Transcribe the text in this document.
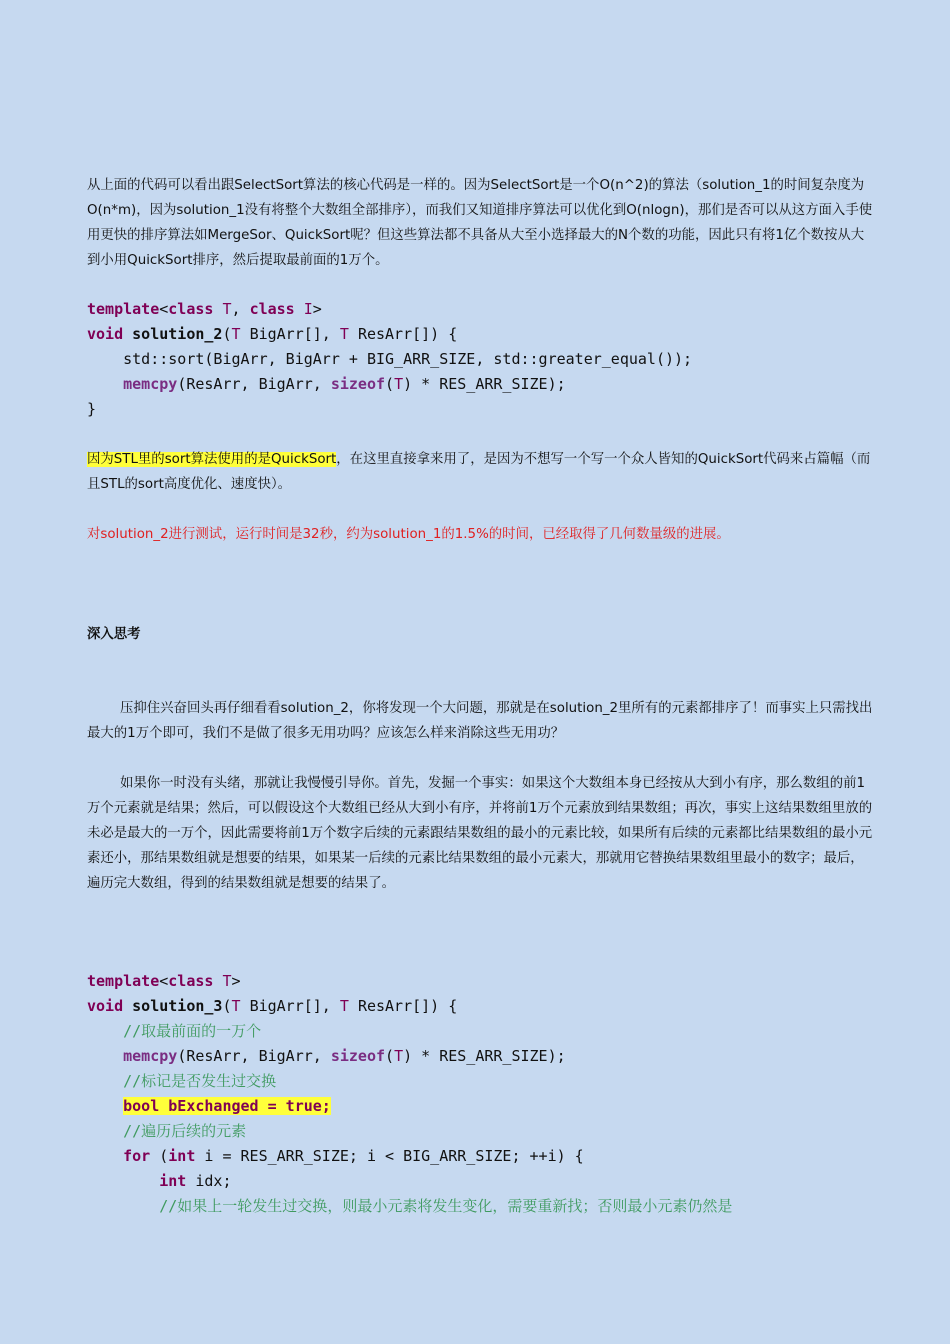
从上面的代码可以看出跟SelectSort算法的核心代码是一样的。因为SelectSort是一个O(n^2)的算法（solution_1的时间复杂度为O(n*m)，因为solution_1没有将整个大数组全部排序），而我们又知道排序算法可以优化到O(nlogn)，那们是否可以从这方面入手使用更快的排序算法如MergeSor、QuickSort呢？但这些算法都不具备从大至小选择最大的N个数的功能，因此只有将1亿个数按从大到小用QuickSort排序，然后提取最前面的1万个。

template<class T, class I>
void solution_2(T BigArr[], T ResArr[]) {
std::sort(BigArr, BigArr + BIG_ARR_SIZE, std::greater_equal());
memcpy(ResArr, BigArr, sizeof(T) * RES_ARR_SIZE);
}

因为STL里的sort算法使用的是QuickSort，在这里直接拿来用了，是因为不想写一个写一个众人皆知的QuickSort代码来占篇幅（而且STL的sort高度优化、速度快）。

对solution_2进行测试，运行时间是32秒，约为solution_1的1.5%的时间，已经取得了几何数量级的进展。

深入思考

压抑住兴奋回头再仔细看看solution_2，你将发现一个大问题，那就是在solution_2里所有的元素都排序了！而事实上只需找出最大的1万个即可，我们不是做了很多无用功吗？应该怎么样来消除这些无用功？

如果你一时没有头绪，那就让我慢慢引导你。首先，发掘一个事实：如果这个大数组本身已经按从大到小有序，那么数组的前1万个元素就是结果；然后，可以假设这个大数组已经从大到小有序，并将前1万个元素放到结果数组；再次，事实上这结果数组里放的未必是最大的一万个，因此需要将前1万个数字后续的元素跟结果数组的最小的元素比较，如果所有后续的元素都比结果数组的最小元素还小，那结果数组就是想要的结果，如果某一后续的元素比结果数组的最小元素大，那就用它替换结果数组里最小的数字；最后，遍历完大数组，得到的结果数组就是想要的结果了。

template<class T>
void solution_3(T BigArr[], T ResArr[]) {
//取最前面的一万个
memcpy(ResArr, BigArr, sizeof(T) * RES_ARR_SIZE);
//标记是否发生过交换
bool bExchanged = true;
//遍历后续的元素
for (int i = RES_ARR_SIZE; i < BIG_ARR_SIZE; ++i) {
int idx;
//如果上一轮发生过交换，则最小元素将发生变化，需要重新找；否则最小元素仍然是
